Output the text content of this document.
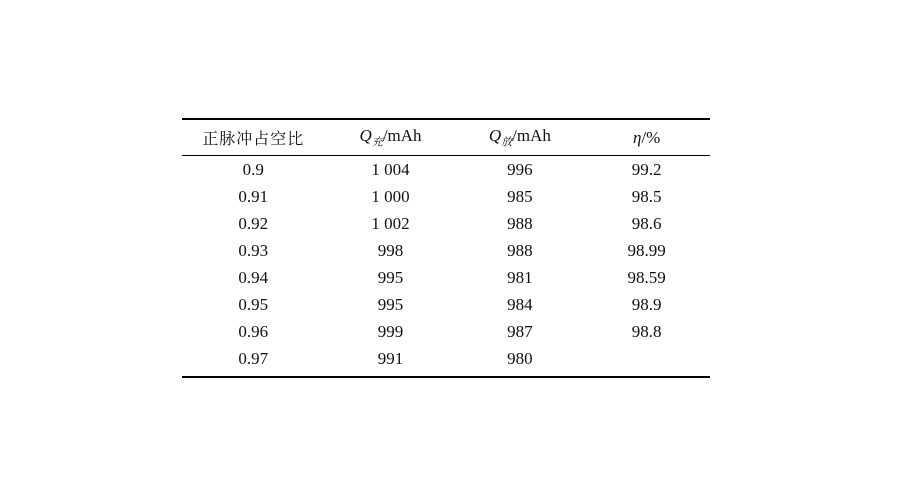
正脉冲占空比	$Q_充$/mAh	$Q_放$/mAh	η/%
0.9	1 004	996	99.2
0.91	1 000	985	98.5
0.92	1 002	988	98.6
0.93	998	988	98.99
0.94	995	981	98.59
0.95	995	984	98.9
0.96	999	987	98.8
0.97	991	980	
